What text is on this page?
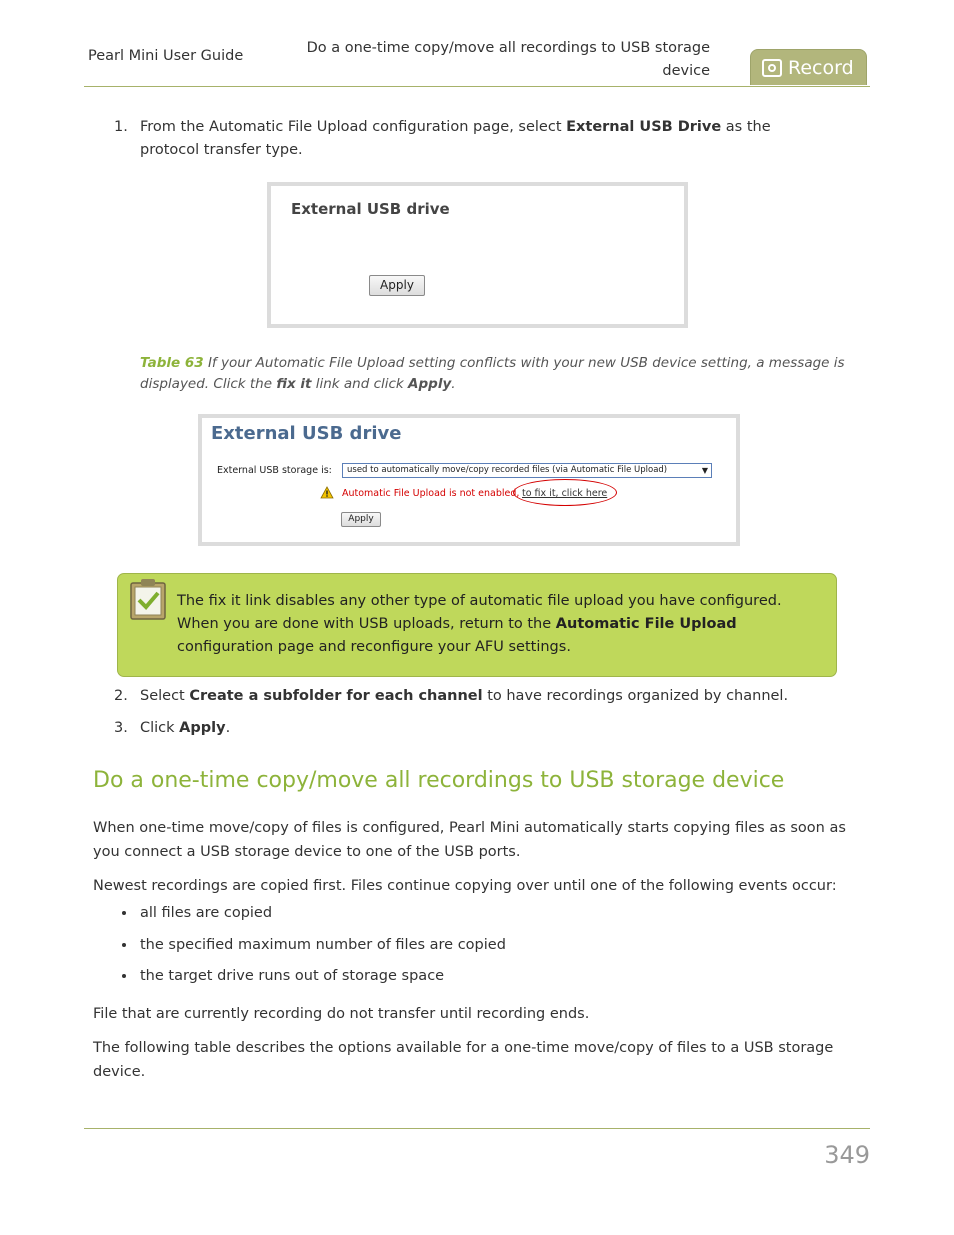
Pearl Mini User Guide	Do a one-time copy/move all recordings to USB storage
device	Record
1. From the Automatic File Upload configuration page, select External USB Drive as the protocol transfer type.
External USB drive
Apply
Table 63 If your Automatic File Upload setting conflicts with your new USB device setting, a message is displayed. Click the fix it link and click Apply.
External USB drive
External USB storage is:	used to automatically move/copy recorded files (via Automatic File Upload)	▼
Automatic File Upload is not enabled, to fix it, click here
Apply
The fix it link disables any other type of automatic file upload you have configured. When you are done with USB uploads, return to the Automatic File Upload configuration page and reconfigure your AFU settings.
2. Select Create a subfolder for each channel to have recordings organized by channel.
3. Click Apply.
Do a one-time copy/move all recordings to USB storage device
When one-time move/copy of files is configured, Pearl Mini automatically starts copying files as soon as you connect a USB storage device to one of the USB ports.
Newest recordings are copied first. Files continue copying over until one of the following events occur:
all files are copied
the specified maximum number of files are copied
the target drive runs out of storage space
File that are currently recording do not transfer until recording ends.
The following table describes the options available for a one-time move/copy of files to a USB storage device.
349
